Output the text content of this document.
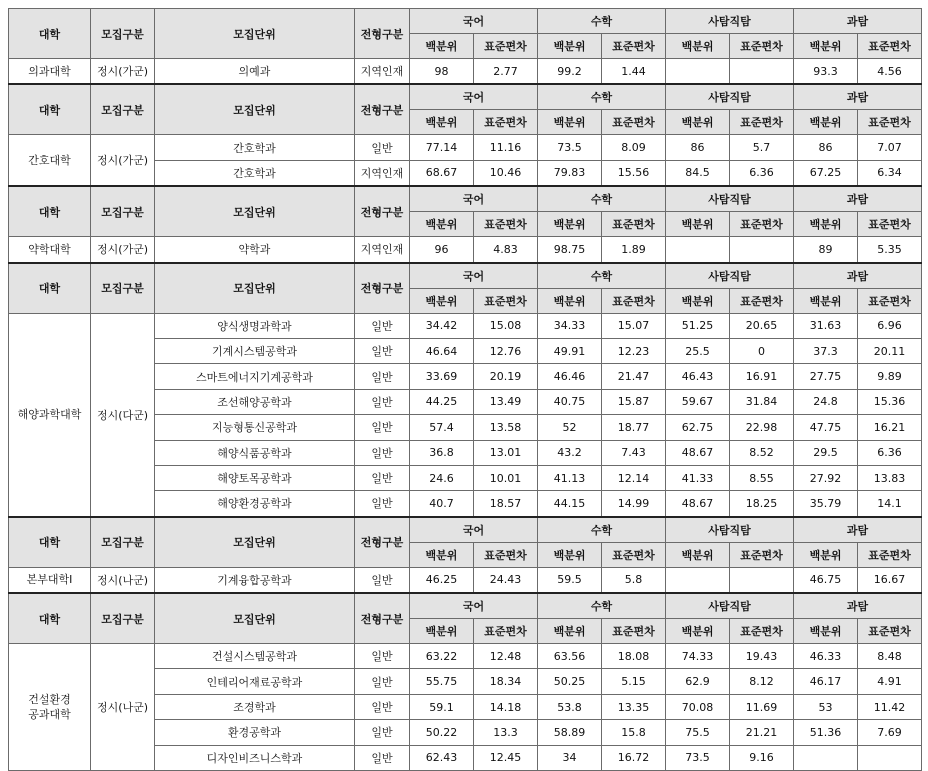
대학	모집구분	모집단위	전형구분	국어		수학		사탐직탐		과탐	
				백분위	표준편차	백분위	표준편차	백분위	표준편차	백분위	표준편차
의과대학	정시(가군)	의예과	지역인재	98	2.77	99.2	1.44			93.3	4.56
대학	모집구분	모집단위	전형구분	국어		수학		사탐직탐		과탐	
				백분위	표준편차	백분위	표준편차	백분위	표준편차	백분위	표준편차
간호대학	정시(가군)	간호학과	일반	77.14	11.16	73.5	8.09	86	5.7	86	7.07
		간호학과	지역인재	68.67	10.46	79.83	15.56	84.5	6.36	67.25	6.34
대학	모집구분	모집단위	전형구분	국어		수학		사탐직탐		과탐	
				백분위	표준편차	백분위	표준편차	백분위	표준편차	백분위	표준편차
약학대학	정시(가군)	약학과	지역인재	96	4.83	98.75	1.89			89	5.35
대학	모집구분	모집단위	전형구분	국어		수학		사탐직탐		과탐	
				백분위	표준편차	백분위	표준편차	백분위	표준편차	백분위	표준편차
해양과학대학	정시(다군)	양식생명과학과	일반	34.42	15.08	34.33	15.07	51.25	20.65	31.63	6.96
		기계시스템공학과	일반	46.64	12.76	49.91	12.23	25.5	0	37.3	20.11
		스마트에너지기계공학과	일반	33.69	20.19	46.46	21.47	46.43	16.91	27.75	9.89
		조선해양공학과	일반	44.25	13.49	40.75	15.87	59.67	31.84	24.8	15.36
		지능형통신공학과	일반	57.4	13.58	52	18.77	62.75	22.98	47.75	16.21
		해양식품공학과	일반	36.8	13.01	43.2	7.43	48.67	8.52	29.5	6.36
		해양토목공학과	일반	24.6	10.01	41.13	12.14	41.33	8.55	27.92	13.83
		해양환경공학과	일반	40.7	18.57	44.15	14.99	48.67	18.25	35.79	14.1
대학	모집구분	모집단위	전형구분	국어		수학		사탐직탐		과탐	
				백분위	표준편차	백분위	표준편차	백분위	표준편차	백분위	표준편차
본부대학I	정시(나군)	기계융합공학과	일반	46.25	24.43	59.5	5.8			46.75	16.67
대학	모집구분	모집단위	전형구분	국어		수학		사탐직탐		과탐	
				백분위	표준편차	백분위	표준편차	백분위	표준편차	백분위	표준편차
건설환경
공과대학	정시(나군)	건설시스템공학과	일반	63.22	12.48	63.56	18.08	74.33	19.43	46.33	8.48
		인테리어재료공학과	일반	55.75	18.34	50.25	5.15	62.9	8.12	46.17	4.91
		조경학과	일반	59.1	14.18	53.8	13.35	70.08	11.69	53	11.42
		환경공학과	일반	50.22	13.3	58.89	15.8	75.5	21.21	51.36	7.69
		디자인비즈니스학과	일반	62.43	12.45	34	16.72	73.5	9.16		
